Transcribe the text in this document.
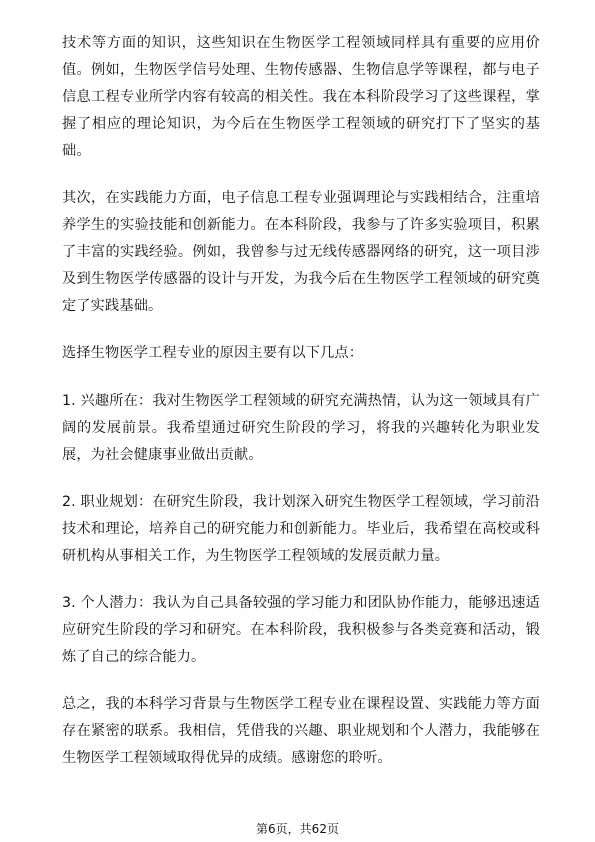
技术等方面的知识，这些知识在生物医学工程领域同样具有重要的应用价值。例如，生物医学信号处理、生物传感器、生物信息学等课程，都与电子信息工程专业所学内容有较高的相关性。我在本科阶段学习了这些课程，掌握了相应的理论知识，为今后在生物医学工程领域的研究打下了坚实的基础。

其次，在实践能力方面，电子信息工程专业强调理论与实践相结合，注重培养学生的实验技能和创新能力。在本科阶段，我参与了许多实验项目，积累了丰富的实践经验。例如，我曾参与过无线传感器网络的研究，这一项目涉及到生物医学传感器的设计与开发，为我今后在生物医学工程领域的研究奠定了实践基础。

选择生物医学工程专业的原因主要有以下几点：

1. 兴趣所在：我对生物医学工程领域的研究充满热情，认为这一领域具有广阔的发展前景。我希望通过研究生阶段的学习，将我的兴趣转化为职业发展，为社会健康事业做出贡献。

2. 职业规划：在研究生阶段，我计划深入研究生物医学工程领域，学习前沿技术和理论，培养自己的研究能力和创新能力。毕业后，我希望在高校或科研机构从事相关工作，为生物医学工程领域的发展贡献力量。

3. 个人潜力：我认为自己具备较强的学习能力和团队协作能力，能够迅速适应研究生阶段的学习和研究。在本科阶段，我积极参与各类竞赛和活动，锻炼了自己的综合能力。

总之，我的本科学习背景与生物医学工程专业在课程设置、实践能力等方面存在紧密的联系。我相信，凭借我的兴趣、职业规划和个人潜力，我能够在生物医学工程领域取得优异的成绩。感谢您的聆听。

第6页，共62页
